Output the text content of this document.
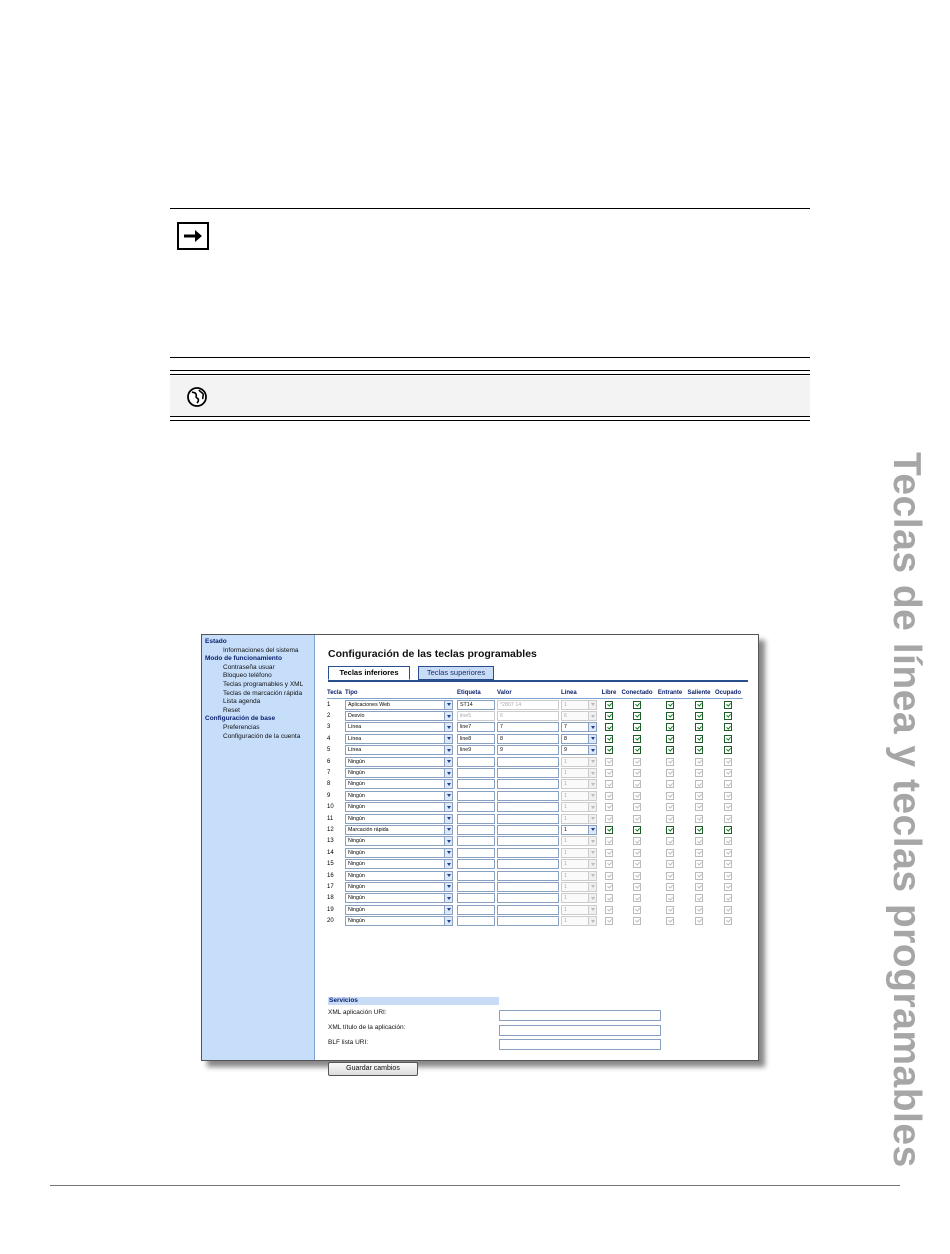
Teclas de línea y teclas programables
Estado
Informaciones del sistema
Modo de funcionamiento
Contraseña usuar
Bloqueo teléfono
Teclas programables y XML
Teclas de marcación rápida
Lista agenda
Reset
Configuración de base
Preferencias
Configuración de la cuenta
Configuración de las teclas programables
Teclas inferiores	Teclas superiores
Tecla	Tipo	Etiqueta	Valor	Línea	Libre	Conectado	Entrante	Saliente	Ocupado
1	Aplicaciones Web	ST14	*2807 14	1

2	Desvío	line5	6	6

3	Línea	line7	7	7

4	Línea	line8	8	8

5	Línea	line9	9	9

6	Ningún			1

7	Ningún			1

8	Ningún			1

9	Ningún			1

10	Ningún			1

11	Ningún			1

12	Marcación rápida			1

13	Ningún			1

14	Ningún			1

15	Ningún			1

16	Ningún			1

17	Ningún			1

18	Ningún			1

19	Ningún			1

20	Ningún			1

Servicios
XML aplicación URI:
XML título de la aplicación:
BLF lista URI:
Guardar cambios
